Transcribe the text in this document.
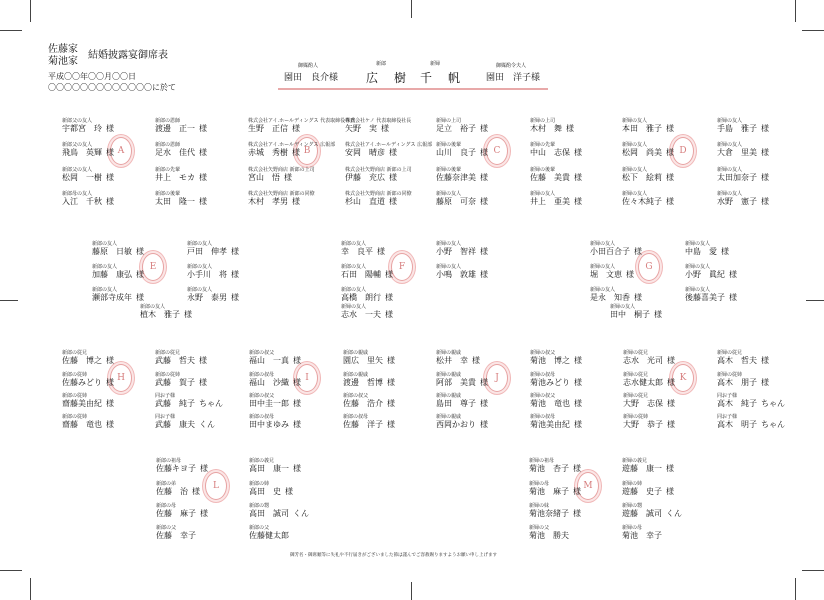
佐藤家
菊池家
結婚披露宴御席表
平成〇〇年〇〇月〇〇日
〇〇〇〇〇〇〇〇〇〇〇〇〇に於て
御媒酌人
園田　良介様
新郎
広　樹
新婦
千　帆
御媒酌令夫人
園田　洋子様
A
新郎父の友人
宇都宮　玲 様
新郎父の友人
飛鳥　英輝 様
新郎父の友人
松岡　一樹 様
新郎母の友人
入江　千秋 様
新郎の恩師
渡邊　正一 様
新郎の恩師
足水　佳代 様
新郎の先輩
井上　モカ 様
新郎の後輩
太田　隆一 様
B
株式会社アイ.ホールディングス 代表取締役専務
生野　正信 様
株式会社アイ.ホールディングス 広報部
赤城　秀樹 様
株式会社矢野商店 新郎の上司
宮山　悟 様
株式会社矢野商店 新郎の同僚
木村　孝男 様
株式会社ケノ 代表取締役社長
矢野　実 様
株式会社アイ.ホールディングス 広報部
安岡　晴彦 様
株式会社矢野商店 新郎の上司
伊藤　充広 様
株式会社矢野商店 新郎の同僚
杉山　直道 様
C
新婦の上司
足立　裕子 様
新婦の後輩
山川　良子 様
新婦の後輩
佐藤奈津美 様
新婦の友人
藤原　可奈 様
新婦の上司
木村　舞 様
新婦の先輩
中山　志保 様
新婦の後輩
佐藤　美貴 様
新婦の友人
井上　亜美 様
D
新婦の友人
本田　雅子 様
新婦の友人
松岡　尚美 様
新婦の友人
松下　絵莉 様
新婦の友人
佐々木純子 様
新婦の友人
手島　雅子 様
新婦の友人
大倉　里美 様
新婦の友人
太田加奈子 様
新婦の友人
水野　憲子 様
E
新郎の友人
藤原　日敏 様
新郎の友人
加藤　康弘 様
新郎の友人
瀬部寺成年 様
新郎の友人
戸田　伸孝 様
新郎の友人
小手川　将 様
新郎の友人
永野　泰男 様
新郎の友人
植木　雅子 様
F
新郎の友人
幸　良平 様
新郎の友人
石田　陽輔 様
新郎の友人
高橋　朗行 様
新婦の友人
志水　一夫 様
新婦の友人
小野　智祥 様
新婦の友人
小鳴　敦雄 様
G
新婦の友人
小田百合子 様
新婦の友人
堀　文恵 様
新婦の友人
是永　知香 様
新婦の友人
中島　愛 様
新婦の友人
小野　眞紀 様
新婦の友人
後藤喜美子 様
新婦の友人
田中　桐子 様
H
新郎の従兄
佐藤　博之 様
新郎の従姉
佐藤みどり 様
新郎の従姉
齋藤美由紀 様
新郎の従姉
齋藤　竜也 様
新郎の従兄
武藤　哲夫 様
新郎の従姉
武藤　賀子 様
同お子様
武藤　純子 ちゃん
同お子様
武藤　康夫 くん
I
新郎の叔父
福山　一真 様
新郎の叔母
福山　沙織 様
新郎の叔父
田中圭一郎 様
新郎の叔母
田中まゆみ 様
新郎の親戚
園広　里矢 様
新郎の親戚
渡邊　哲博 様
新郎の叔父
佐藤　浩介 様
新郎の叔母
佐藤　洋子 様
J
新婦の親戚
松井　幸 様
新婦の親戚
阿部　美貴 様
新婦の親戚
島田　尊子 様
新婦の親戚
西岡かおり 様
新婦の叔父
菊池　博之 様
新婦の叔母
菊池みどり 様
新婦の叔父
菊池　竜也 様
新婦の叔母
菊池美由紀 様
K
新婦の従兄
志水　光司 様
新婦の従兄
志水健太郎 様
新婦の従兄
大野　志保 様
新婦の従姉
大野　恭子 様
新婦の従兄
高木　哲夫 様
新婦の従姉
高木　朋子 様
同お子様
高木　純子 ちゃん
同お子様
高木　明子 ちゃん
L
新郎の祖母
佐藤キヨ子 様
新郎の弟
佐藤　治 様
新郎の母
佐藤　麻子 様
新郎の父
佐藤　幸子
新郎の義兄
高田　康一 様
新郎の姉
高田　史 様
新郎の甥
高田　誠司 くん
新郎の父
佐藤健太郎
M
新婦の祖母
菊池　杏子 様
新婦の母
菊池　麻子 様
新婦の妹
菊池奈緒子 様
新婦の父
菊池　勝夫
新婦の義兄
遊藤　康一 様
新婦の姉
遊藤　史子 様
新婦の甥
遊藤　誠司 くん
新婦の母
菊池　幸子
御芳名・御席順等に失礼や不行届きがございました節は謹んでご容赦賜りますようお願い申し上げます
